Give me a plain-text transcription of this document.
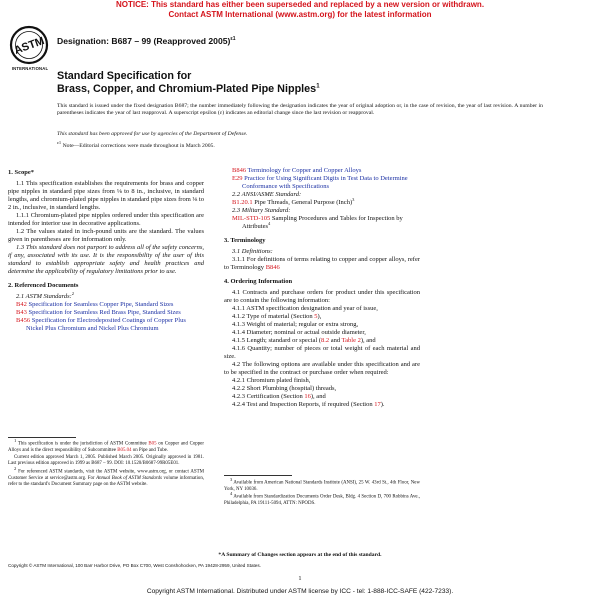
NOTICE: This standard has either been superseded and replaced by a new version or withdrawn.
Contact ASTM International (www.astm.org) for the latest information
ASTM
INTERNATIONAL
Designation: B687 – 99 (Reapproved 2005)$^{\varepsilon 1}$
Standard Specification for
Brass, Copper, and Chromium-Plated Pipe Nipples$^1$
This standard is issued under the fixed designation B687; the number immediately following the designation indicates the year of original adoption or, in the case of revision, the year of last revision. A number in parentheses indicates the year of last reapproval. A superscript epsilon (ε) indicates an editorial change since the last revision or reapproval.
This standard has been approved for use by agencies of the Department of Defense.
$^{\varepsilon 1}$ Note—Editorial corrections were made throughout in March 2005.

1. Scope*

1.1 This specification establishes the requirements for brass and copper pipe nipples in standard pipe sizes from ⅛ to 8 in., inclusive, in standard lengths, and chromium-plated pipe nipples in standard pipe sizes from ⅛ to 2 in., inclusive, in standard lengths.

1.1.1 Chromium-plated pipe nipples ordered under this specification are intended for interior use in decorative applications.

1.2 The values stated in inch-pound units are the standard. The values given in parentheses are for information only.

1.3 This standard does not purport to address all of the safety concerns, if any, associated with its use. It is the responsibility of the user of this standard to establish appropriate safety and health practices and determine the applicability of regulatory limitations prior to use.

2. Referenced Documents

2.1 ASTM Standards:$^2$

B42 Specification for Seamless Copper Pipe, Standard Sizes

B43 Specification for Seamless Red Brass Pipe, Standard Sizes

B456 Specification for Electrodeposited Coatings of Copper Plus Nickel Plus Chromium and Nickel Plus Chromium

$^1$ This specification is under the jurisdiction of ASTM Committee B05 on Copper and Copper Alloys and is the direct responsibility of Subcommittee B05.04 on Pipe and Tube.

Current edition approved March 1, 2005. Published March 2005. Originally approved in 1981. Last previous edition approved in 1999 as B687 – 99. DOI: 10.1520/B0687-99R05E01.

$^2$ For referenced ASTM standards, visit the ASTM website, www.astm.org, or contact ASTM Customer Service at service@astm.org. For Annual Book of ASTM Standards volume information, refer to the standard's Document Summary page on the ASTM website.

B846 Terminology for Copper and Copper Alloys

E29 Practice for Using Significant Digits in Test Data to Determine Conformance with Specifications

2.2 ANSI/ASME Standard:

B1.20.1 Pipe Threads, General Purpose (Inch)$^3$

2.3 Military Standard:

MIL-STD-105 Sampling Procedures and Tables for Inspection by Attributes$^4$

3. Terminology

3.1 Definitions:

3.1.1 For definitions of terms relating to copper and copper alloys, refer to Terminology B846

4. Ordering Information

4.1 Contracts and purchase orders for product under this specification are to contain the following information:

4.1.1 ASTM specification designation and year of issue,

4.1.2 Type of material (Section 5),

4.1.3 Weight of material; regular or extra strong,

4.1.4 Diameter; nominal or actual outside diameter,

4.1.5 Length; standard or special (8.2 and Table 2), and

4.1.6 Quantity; number of pieces or total weight of each material and size.

4.2 The following options are available under this specification and are to be specified in the contract or purchase order when required:

4.2.1 Chromium plated finish,

4.2.2 Short Plumbing (hospital) threads,

4.2.3 Certification (Section 16), and

4.2.4 Test and Inspection Reports, if required (Section 17).

$^3$ Available from American National Standards Institute (ANSI), 25 W. 43rd St., 4th Floor, New York, NY 10036.

$^4$ Available from Standardization Documents Order Desk, Bldg. 4 Section D, 700 Robbins Ave., Philadelphia, PA 19111-5094, ATTN: NPODS.

*A Summary of Changes section appears at the end of this standard.
Copyright © ASTM International, 100 Barr Harbor Drive, PO Box C700, West Conshohocken, PA 19428-2959, United States.
1
Copyright ASTM International. Distributed under ASTM license by ICC - tel: 1-888-ICC-SAFE (422-7233).
